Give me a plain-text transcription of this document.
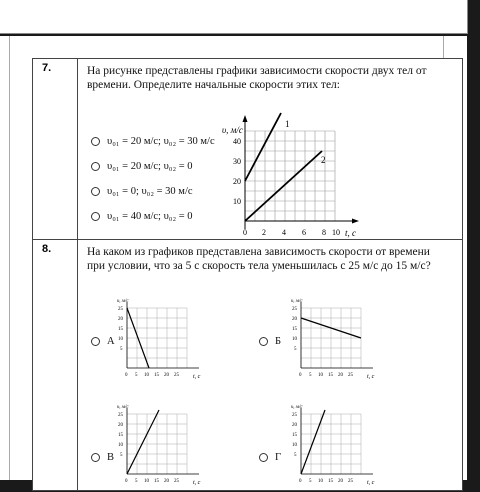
7.	На рисунке представлены графики зависимости скорости двух тел от времени. Определите начальные скорости этих тел:
υ₀₁ = 20 м/с; υ₀₂ = 30 м/с
υ₀₁ = 20 м/с; υ₀₂ = 0
υ₀₁ = 0; υ₀₂ = 30 м/с
υ₀₁ = 40 м/с; υ₀₂ = 0
υ, м/с
t, с
0 2 4 6 8 10
10
20
30
40
1
2
8.	На каком из графиков представлена зависимость скорости от времени при условии, что за 5 с скорость тела уменьшилась с 25 м/с до 15 м/с?
А
υ, м/с
t, с
0 5 10 15 20 25
25
20
15
10
5
Б
υ, м/с
t, с
0 5 10 15 20 25
25
20
15
10
5
В
υ, м/с
t, с
0 5 10 15 20 25
25
20
15
10
5	Г
υ, м/с
t, с
0 5 10 15 20 25
25
20
15
10
5
